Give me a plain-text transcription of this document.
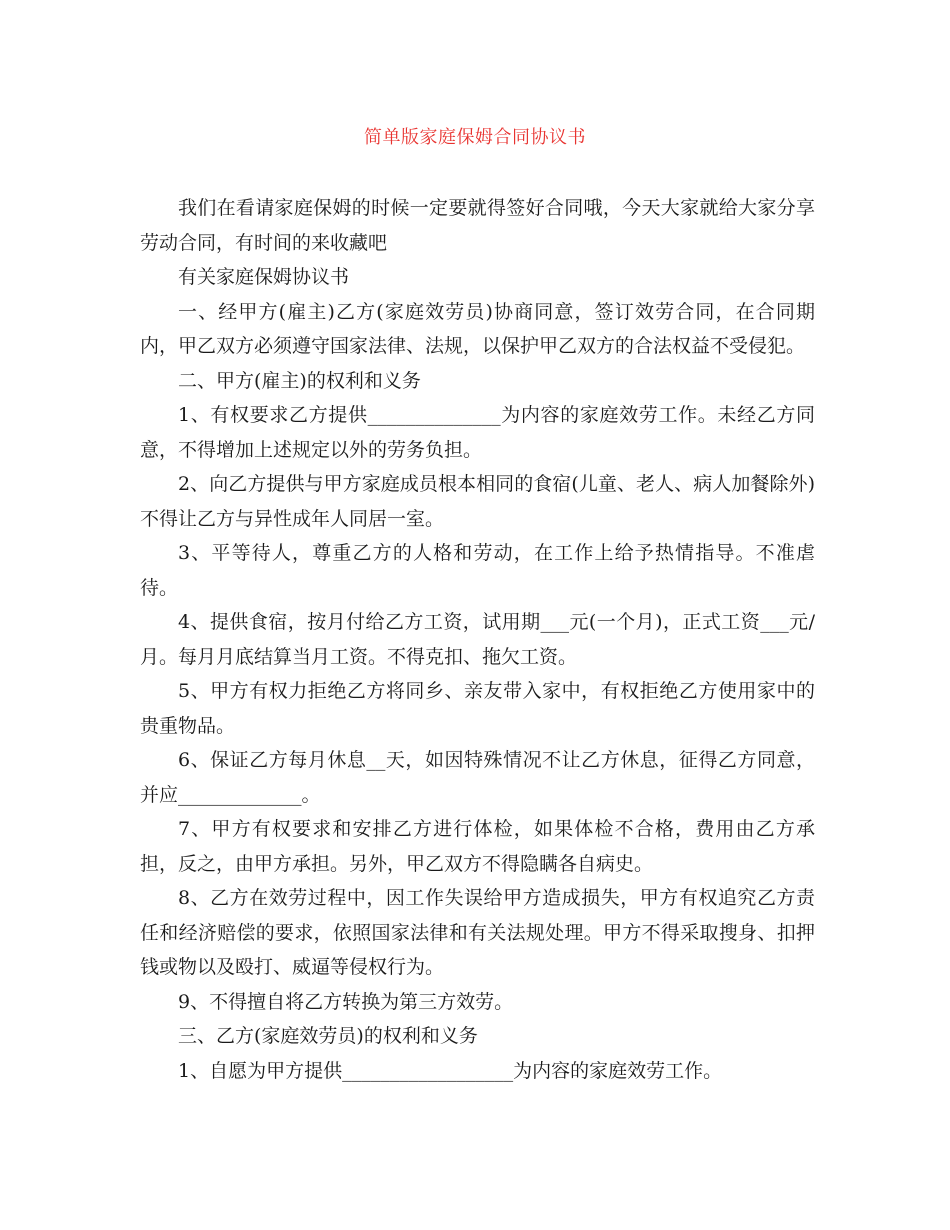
简单版家庭保姆合同协议书

我们在看请家庭保姆的时候一定要就得签好合同哦，今天大家就给大家分享劳动合同，有时间的来收藏吧

有关家庭保姆协议书

一、经甲方(雇主)乙方(家庭效劳员)协商同意，签订效劳合同，在合同期内，甲乙双方必须遵守国家法律、法规，以保护甲乙双方的合法权益不受侵犯。

二、甲方(雇主)的权利和义务

1、有权要求乙方提供______________为内容的家庭效劳工作。未经乙方同意，不得增加上述规定以外的劳务负担。

2、向乙方提供与甲方家庭成员根本相同的食宿(儿童、老人、病人加餐除外)不得让乙方与异性成年人同居一室。

3、平等待人，尊重乙方的人格和劳动，在工作上给予热情指导。不准虐待。

4、提供食宿，按月付给乙方工资，试用期___元(一个月)，正式工资___元/月。每月月底结算当月工资。不得克扣、拖欠工资。

5、甲方有权力拒绝乙方将同乡、亲友带入家中，有权拒绝乙方使用家中的贵重物品。

6、保证乙方每月休息__天，如因特殊情况不让乙方休息，征得乙方同意，并应_____________。

7、甲方有权要求和安排乙方进行体检，如果体检不合格，费用由乙方承担，反之，由甲方承担。另外，甲乙双方不得隐瞒各自病史。

8、乙方在效劳过程中，因工作失误给甲方造成损失，甲方有权追究乙方责任和经济赔偿的要求，依照国家法律和有关法规处理。甲方不得采取搜身、扣押钱或物以及殴打、威逼等侵权行为。

9、不得擅自将乙方转换为第三方效劳。

三、乙方(家庭效劳员)的权利和义务

1、自愿为甲方提供__________________为内容的家庭效劳工作。
